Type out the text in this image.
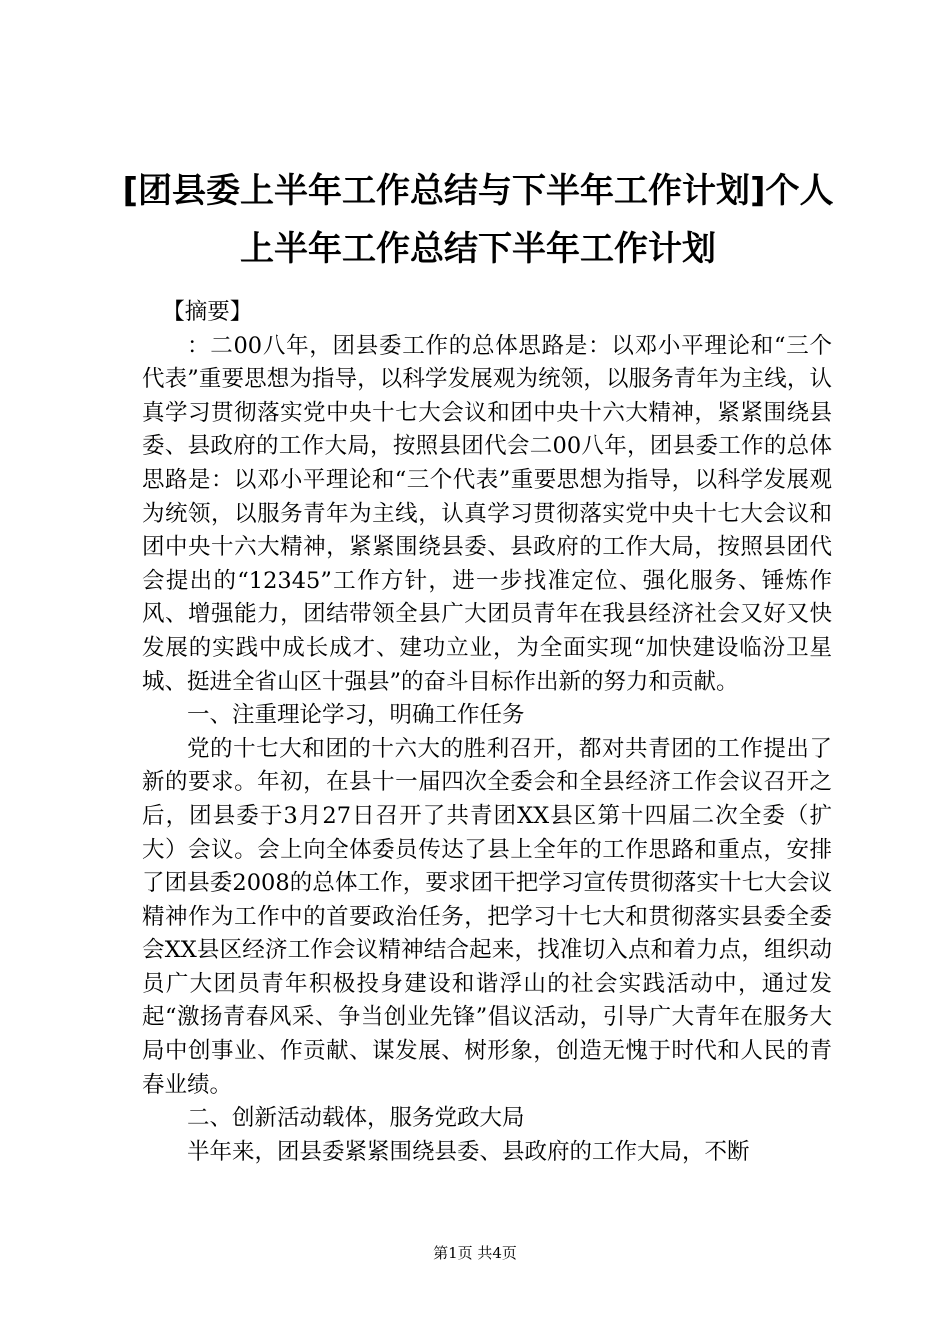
[团县委上半年工作总结与下半年工作计划]个人上半年工作总结下半年工作计划

【摘要】

：二00八年，团县委工作的总体思路是：以邓小平理论和“三个代表”重要思想为指导，以科学发展观为统领，以服务青年为主线，认真学习贯彻落实党中央十七大会议和团中央十六大精神，紧紧围绕县委、县政府的工作大局，按照县团代会二00八年，团县委工作的总体思路是：以邓小平理论和“三个代表”重要思想为指导，以科学发展观为统领，以服务青年为主线，认真学习贯彻落实党中央十七大会议和团中央十六大精神，紧紧围绕县委、县政府的工作大局，按照县团代会提出的“12345”工作方针，进一步找准定位、强化服务、锤炼作风、增强能力，团结带领全县广大团员青年在我县经济社会又好又快发展的实践中成长成才、建功立业，为全面实现“加快建设临汾卫星城、挺进全省山区十强县”的奋斗目标作出新的努力和贡献。

一、注重理论学习，明确工作任务

党的十七大和团的十六大的胜利召开，都对共青团的工作提出了新的要求。年初，在县十一届四次全委会和全县经济工作会议召开之后，团县委于3月27日召开了共青团XX县区第十四届二次全委（扩大）会议。会上向全体委员传达了县上全年的工作思路和重点，安排了团县委2008的总体工作，要求团干把学习宣传贯彻落实十七大会议精神作为工作中的首要政治任务，把学习十七大和贯彻落实县委全委会XX县区经济工作会议精神结合起来，找准切入点和着力点，组织动员广大团员青年积极投身建设和谐浮山的社会实践活动中，通过发起“激扬青春风采、争当创业先锋”倡议活动，引导广大青年在服务大局中创事业、作贡献、谋发展、树形象，创造无愧于时代和人民的青春业绩。

二、创新活动载体，服务党政大局

半年来，团县委紧紧围绕县委、县政府的工作大局，不断

第1页 共4页
